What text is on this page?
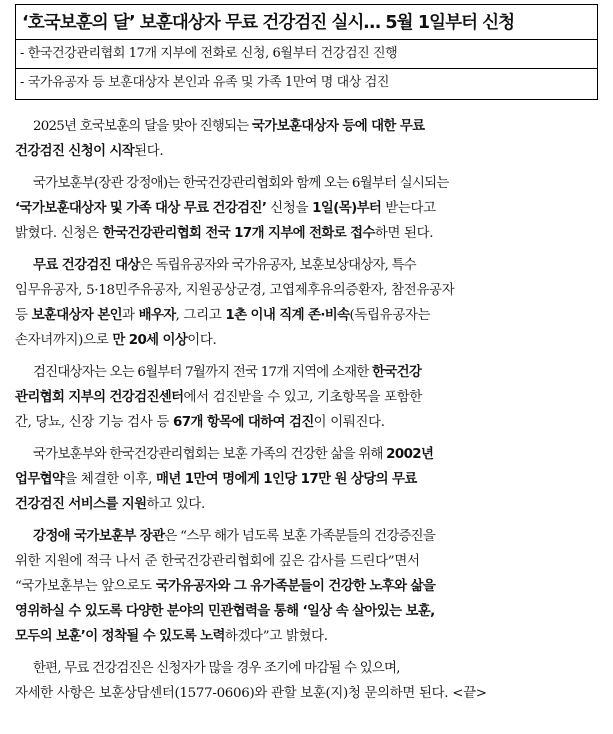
‘호국보훈의 달’ 보훈대상자 무료 건강검진 실시… 5월 1일부터 신청
- 한국건강관리협회 17개 지부에 전화로 신청, 6월부터 건강검진 진행
- 국가유공자 등 보훈대상자 본인과 유족 및 가족 1만여 명 대상 검진
2025년 호국보훈의 달을 맞아 진행되는 국가보훈대상자 등에 대한 무료
건강검진 신청이 시작된다.
국가보훈부(장관 강정애)는 한국건강관리협회와 함께 오는 6월부터 실시되는
‘국가보훈대상자 및 가족 대상 무료 건강검진’ 신청을 1일(목)부터 받는다고
밝혔다. 신청은 한국건강관리협회 전국 17개 지부에 전화로 접수하면 된다.
무료 건강검진 대상은 독립유공자와 국가유공자, 보훈보상대상자, 특수
임무유공자, 5·18민주유공자, 지원공상군경, 고엽제후유의증환자, 참전유공자
등 보훈대상자 본인과 배우자, 그리고 1촌 이내 직계 존·비속(독립유공자는
손자녀까지)으로 만 20세 이상이다.
검진대상자는 오는 6월부터 7월까지 전국 17개 지역에 소재한 한국건강
관리협회 지부의 건강검진센터에서 검진받을 수 있고, 기초항목을 포함한
간, 당뇨, 신장 기능 검사 등 67개 항목에 대하여 검진이 이뤄진다.
국가보훈부와 한국건강관리협회는 보훈 가족의 건강한 삶을 위해 2002년
업무협약을 체결한 이후, 매년 1만여 명에게 1인당 17만 원 상당의 무료
건강검진 서비스를 지원하고 있다.
강정애 국가보훈부 장관은 “스무 해가 넘도록 보훈 가족분들의 건강증진을
위한 지원에 적극 나서 준 한국건강관리협회에 깊은 감사를 드린다”면서
“국가보훈부는 앞으로도 국가유공자와 그 유가족분들이 건강한 노후와 삶을
영위하실 수 있도록 다양한 분야의 민관협력을 통해 ‘일상 속 살아있는 보훈,
모두의 보훈’이 정착될 수 있도록 노력하겠다”고 밝혔다.
한편, 무료 건강검진은 신청자가 많을 경우 조기에 마감될 수 있으며,
자세한 사항은 보훈상담센터(1577-0606)와 관할 보훈(지)청 문의하면 된다. <끝>
